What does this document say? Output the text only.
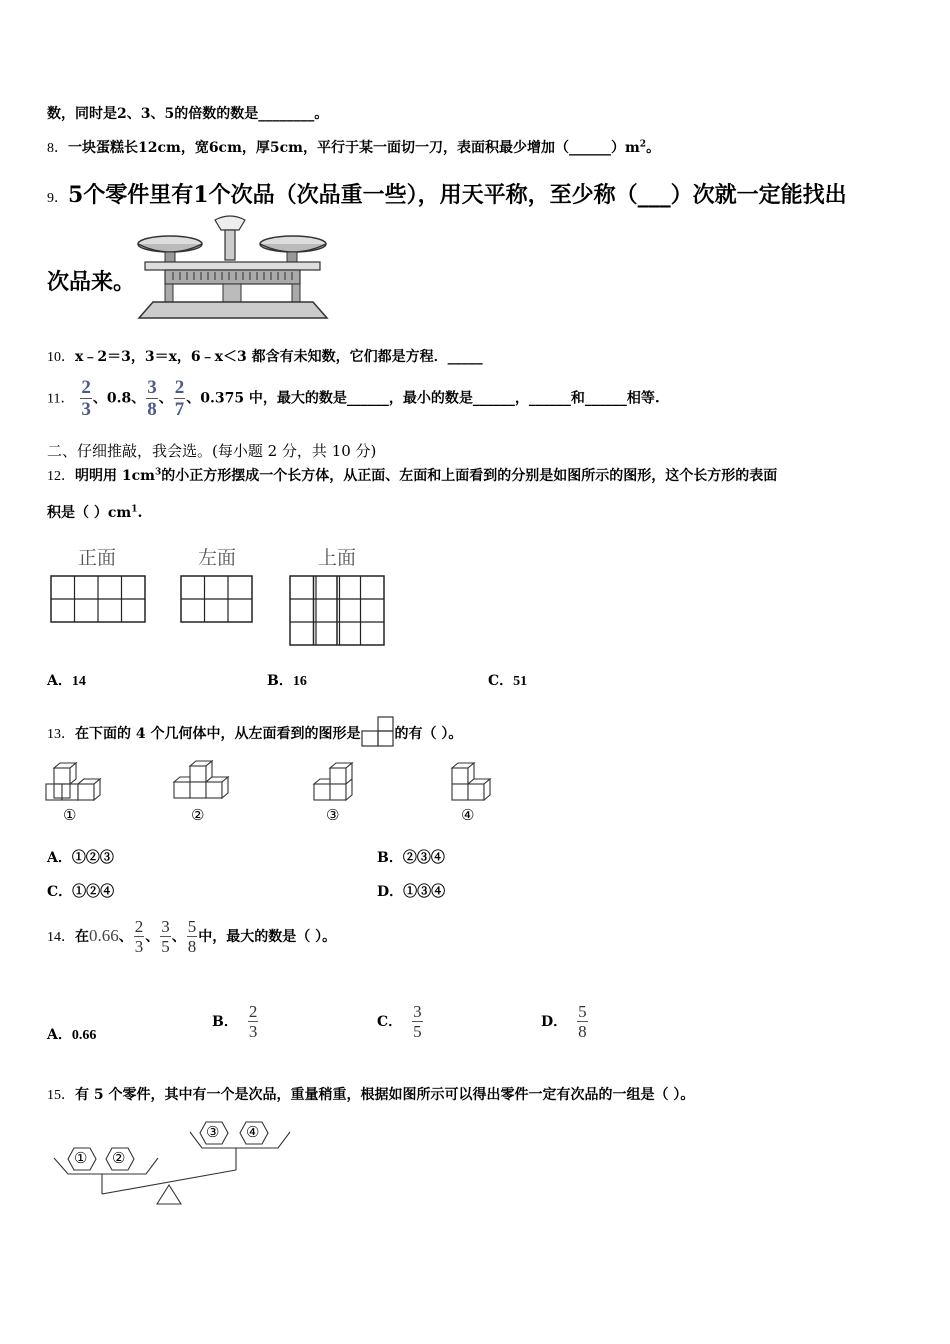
数，同时是2、3、5的倍数的数是________。
8．一块蛋糕长12cm，宽6cm，厚5cm，平行于某一面切一刀，表面积最少增加$(\_\_\_\_\_\_)m^2$。
9．5个零件里有1个次品（次品重一些），用天平称，至少称（___）次就一定能找出
次品来。
10．x﹣2＝3，3＝x，6﹣x＜3 都含有未知数，它们都是方程．_____
11． $\frac{2}{3}$ 、0.8、 $\frac{3}{8}$ 、 $\frac{2}{7}$ 、0.375 中，最大的数是______，最小的数是______，______和______相等.
二、仔细推敲，我会选。(每小题 2 分，共 10 分)
12．明明用 $1cm^3$的小正方形摆成一个长方体，从正面、左面和上面看到的分别是如图所示的图形，这个长方形的表面
积是（ ）$cm^1$.
正面	左面	上面
A．14	B．16	C．51
13．在下面的 4 个几何体中，从左面看到的图形是 的有（ ）。
①	②	③	④
A．①②③	B．②③④
C．①②④	D．①③④
14． 在 0.66 、 $\frac{2}{3}$ 、 $\frac{3}{5}$ 、 $\frac{5}{8}$ 中，最大的数是（ ）。
A．0.66
B． $\frac{2}{3}$	C． $\frac{3}{5}$	D． $\frac{5}{8}$
15．有 5 个零件，其中有一个是次品，重量稍重，根据如图所示可以得出零件一定有次品的一组是（ ）。
① ②
③ ④
